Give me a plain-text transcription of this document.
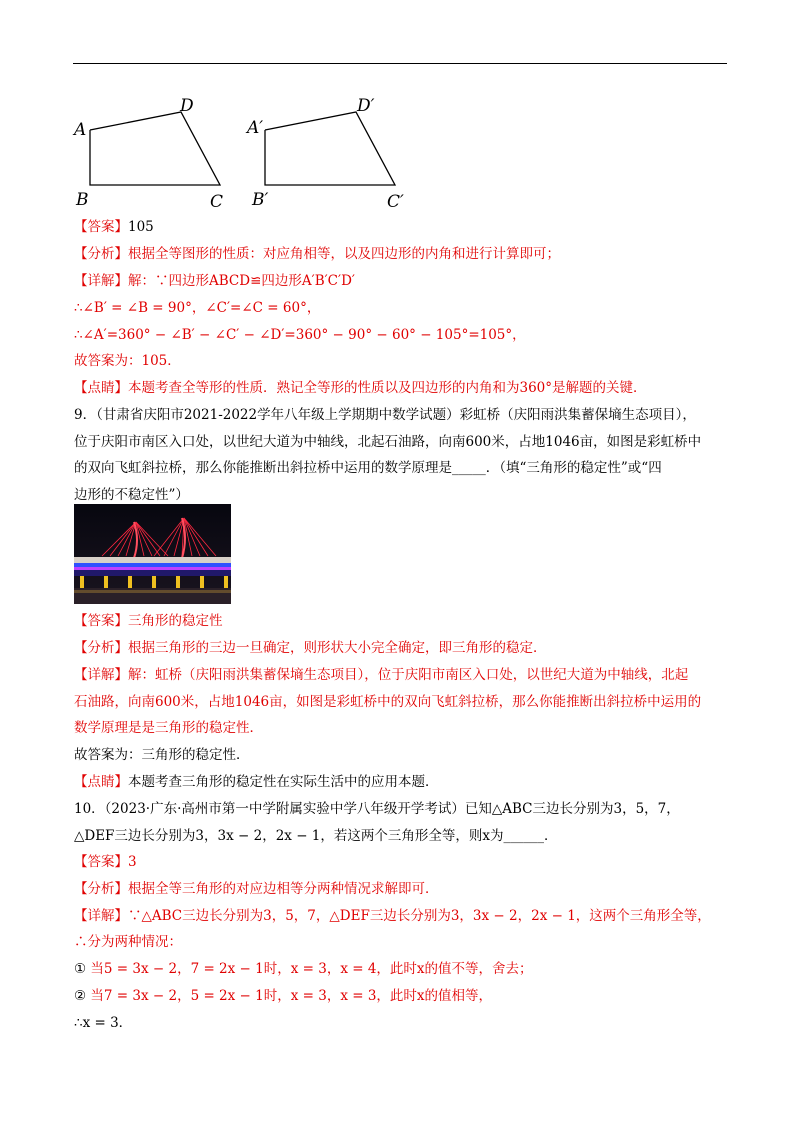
A
D
B	C
A′
D′
B′	C′
【答案】105
【分析】根据全等图形的性质：对应角相等，以及四边形的内角和进行计算即可；
【详解】解：∵四边形ABCD≌四边形A′B′C′D′
∴∠B′ = ∠B = 90°，∠C′=∠C = 60°，
∴∠A′=360° − ∠B′ − ∠C′ − ∠D′=360° − 90° − 60° − 105°=105°，
故答案为：105．
【点睛】本题考查全等形的性质．熟记全等形的性质以及四边形的内角和为360°是解题的关键．
9．（甘肃省庆阳市2021-2022学年八年级上学期期中数学试题）彩虹桥（庆阳雨洪集蓄保墒生态项目），
位于庆阳市南区入口处，以世纪大道为中轴线，北起石油路，向南600米，占地1046亩，如图是彩虹桥中
的双向飞虹斜拉桥，那么你能推断出斜拉桥中运用的数学原理是_____．（填“三角形的稳定性”或“四
边形的不稳定性”）
【答案】三角形的稳定性
【分析】根据三角形的三边一旦确定，则形状大小完全确定，即三角形的稳定．
【详解】解：虹桥（庆阳雨洪集蓄保墒生态项目），位于庆阳市南区入口处，以世纪大道为中轴线，北起
石油路，向南600米，占地1046亩，如图是彩虹桥中的双向飞虹斜拉桥，那么你能推断出斜拉桥中运用的
数学原理是是三角形的稳定性．
故答案为：三角形的稳定性．
【点睛】本题考查三角形的稳定性在实际生活中的应用本题．
10．（2023·广东·高州市第一中学附属实验中学八年级开学考试）已知△ABC三边长分别为3，5，7，
△DEF三边长分别为3，3x − 2，2x − 1，若这两个三角形全等，则x为______．
【答案】3
【分析】根据全等三角形的对应边相等分两种情况求解即可．
【详解】∵△ABC三边长分别为3，5，7，△DEF三边长分别为3，3x − 2，2x − 1，这两个三角形全等，
∴分为两种情况：
① 当5 = 3x − 2，7 = 2x − 1时，x = 3，x = 4，此时x的值不等，舍去；
② 当7 = 3x − 2，5 = 2x − 1时，x = 3，x = 3，此时x的值相等，
∴x = 3．
